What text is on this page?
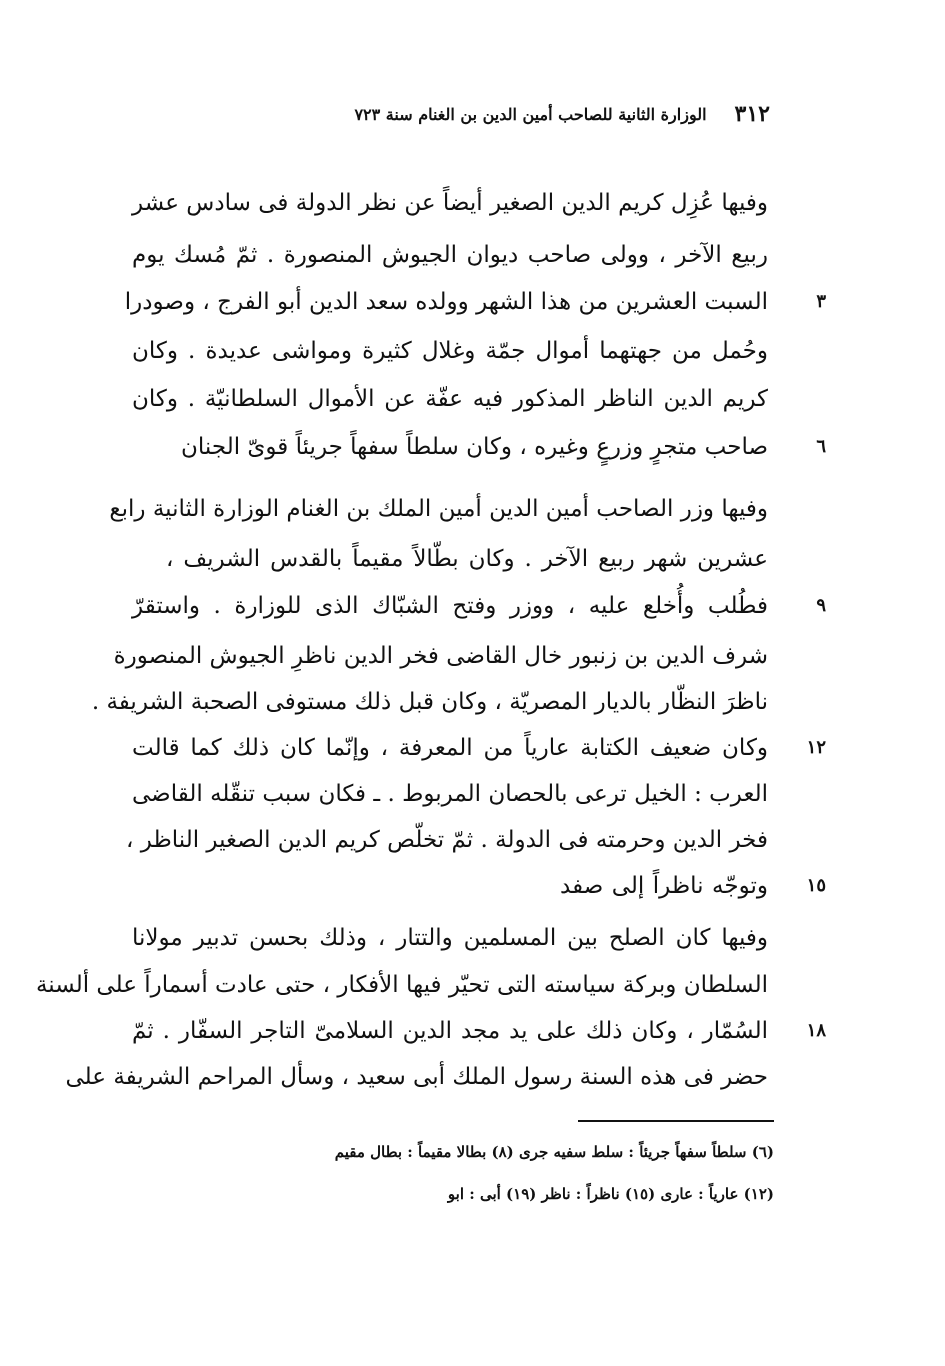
٣١٢
الوزارة الثانية للصاحب أمين الدين بن الغنام سنة ٧٢٣
وفيها عُزِل كريم الدين الصغير أيضاً عن نظر الدولة فى سادس عشر
ربيع الآخر ، وولى صاحب ديوان الجيوش المنصورة . ثمّ مُسك يوم
السبت العشرين من هذا الشهر وولده سعد الدين أبو الفرج ، وصودرا	٣
وحُمل من جهتهما أموال جمّة وغلال كثيرة ومواشى عديدة . وكان
كريم الدين الناظر المذكور فيه عفّة عن الأموال السلطانيّة . وكان
صاحب متجرٍ وزرعٍ وغيره ، وكان سلطاً سفهاً جريئاً قوىّ الجنان	٦
وفيها وزر الصاحب أمين الدين أمين الملك بن الغنام الوزارة الثانية رابع
عشرين شهر ربيع الآخر . وكان بطّالاً مقيماً بالقدس الشريف ،
فطُلب وأُخلع عليه ، ووزر وفتح الشبّاك الذى للوزارة . واستقرّ	٩
شرف الدين بن زنبور خال القاضى فخر الدين ناظرِ الجيوش المنصورة
ناظرَ النظّار بالديار المصريّة ، وكان قبل ذلك مستوفى الصحبة الشريفة .
وكان ضعيف الكتابة عارياً من المعرفة ، وإنّما كان ذلك كما قالت	١٢
العرب : الخيل ترعى بالحصان المربوط . ـ فكان سبب تنقّله القاضى
فخر الدين وحرمته فى الدولة . ثمّ تخلّص كريم الدين الصغير الناظر ،
وتوجّه ناظراً إلى صفد	١٥
وفيها كان الصلح بين المسلمين والتتار ، وذلك بحسن تدبير مولانا
السلطان وبركة سياسته التى تحيّر فيها الأفكار ، حتى عادت أسماراً على ألسنة
السُمّار ، وكان ذلك على يد مجد الدين السلامىّ التاجر السفّار . ثمّ	١٨
حضر فى هذه السنة رسول الملك أبى سعيد ، وسأل المراحم الشريفة على
(٦) سلطاً سفهاً جريئاً : سلط سفيه جرى (٨) بطالا مقيماً : بطال مقيم
(١٢) عارياً : عارى (١٥) ناظراً : ناظر (١٩) أبى : ابو
